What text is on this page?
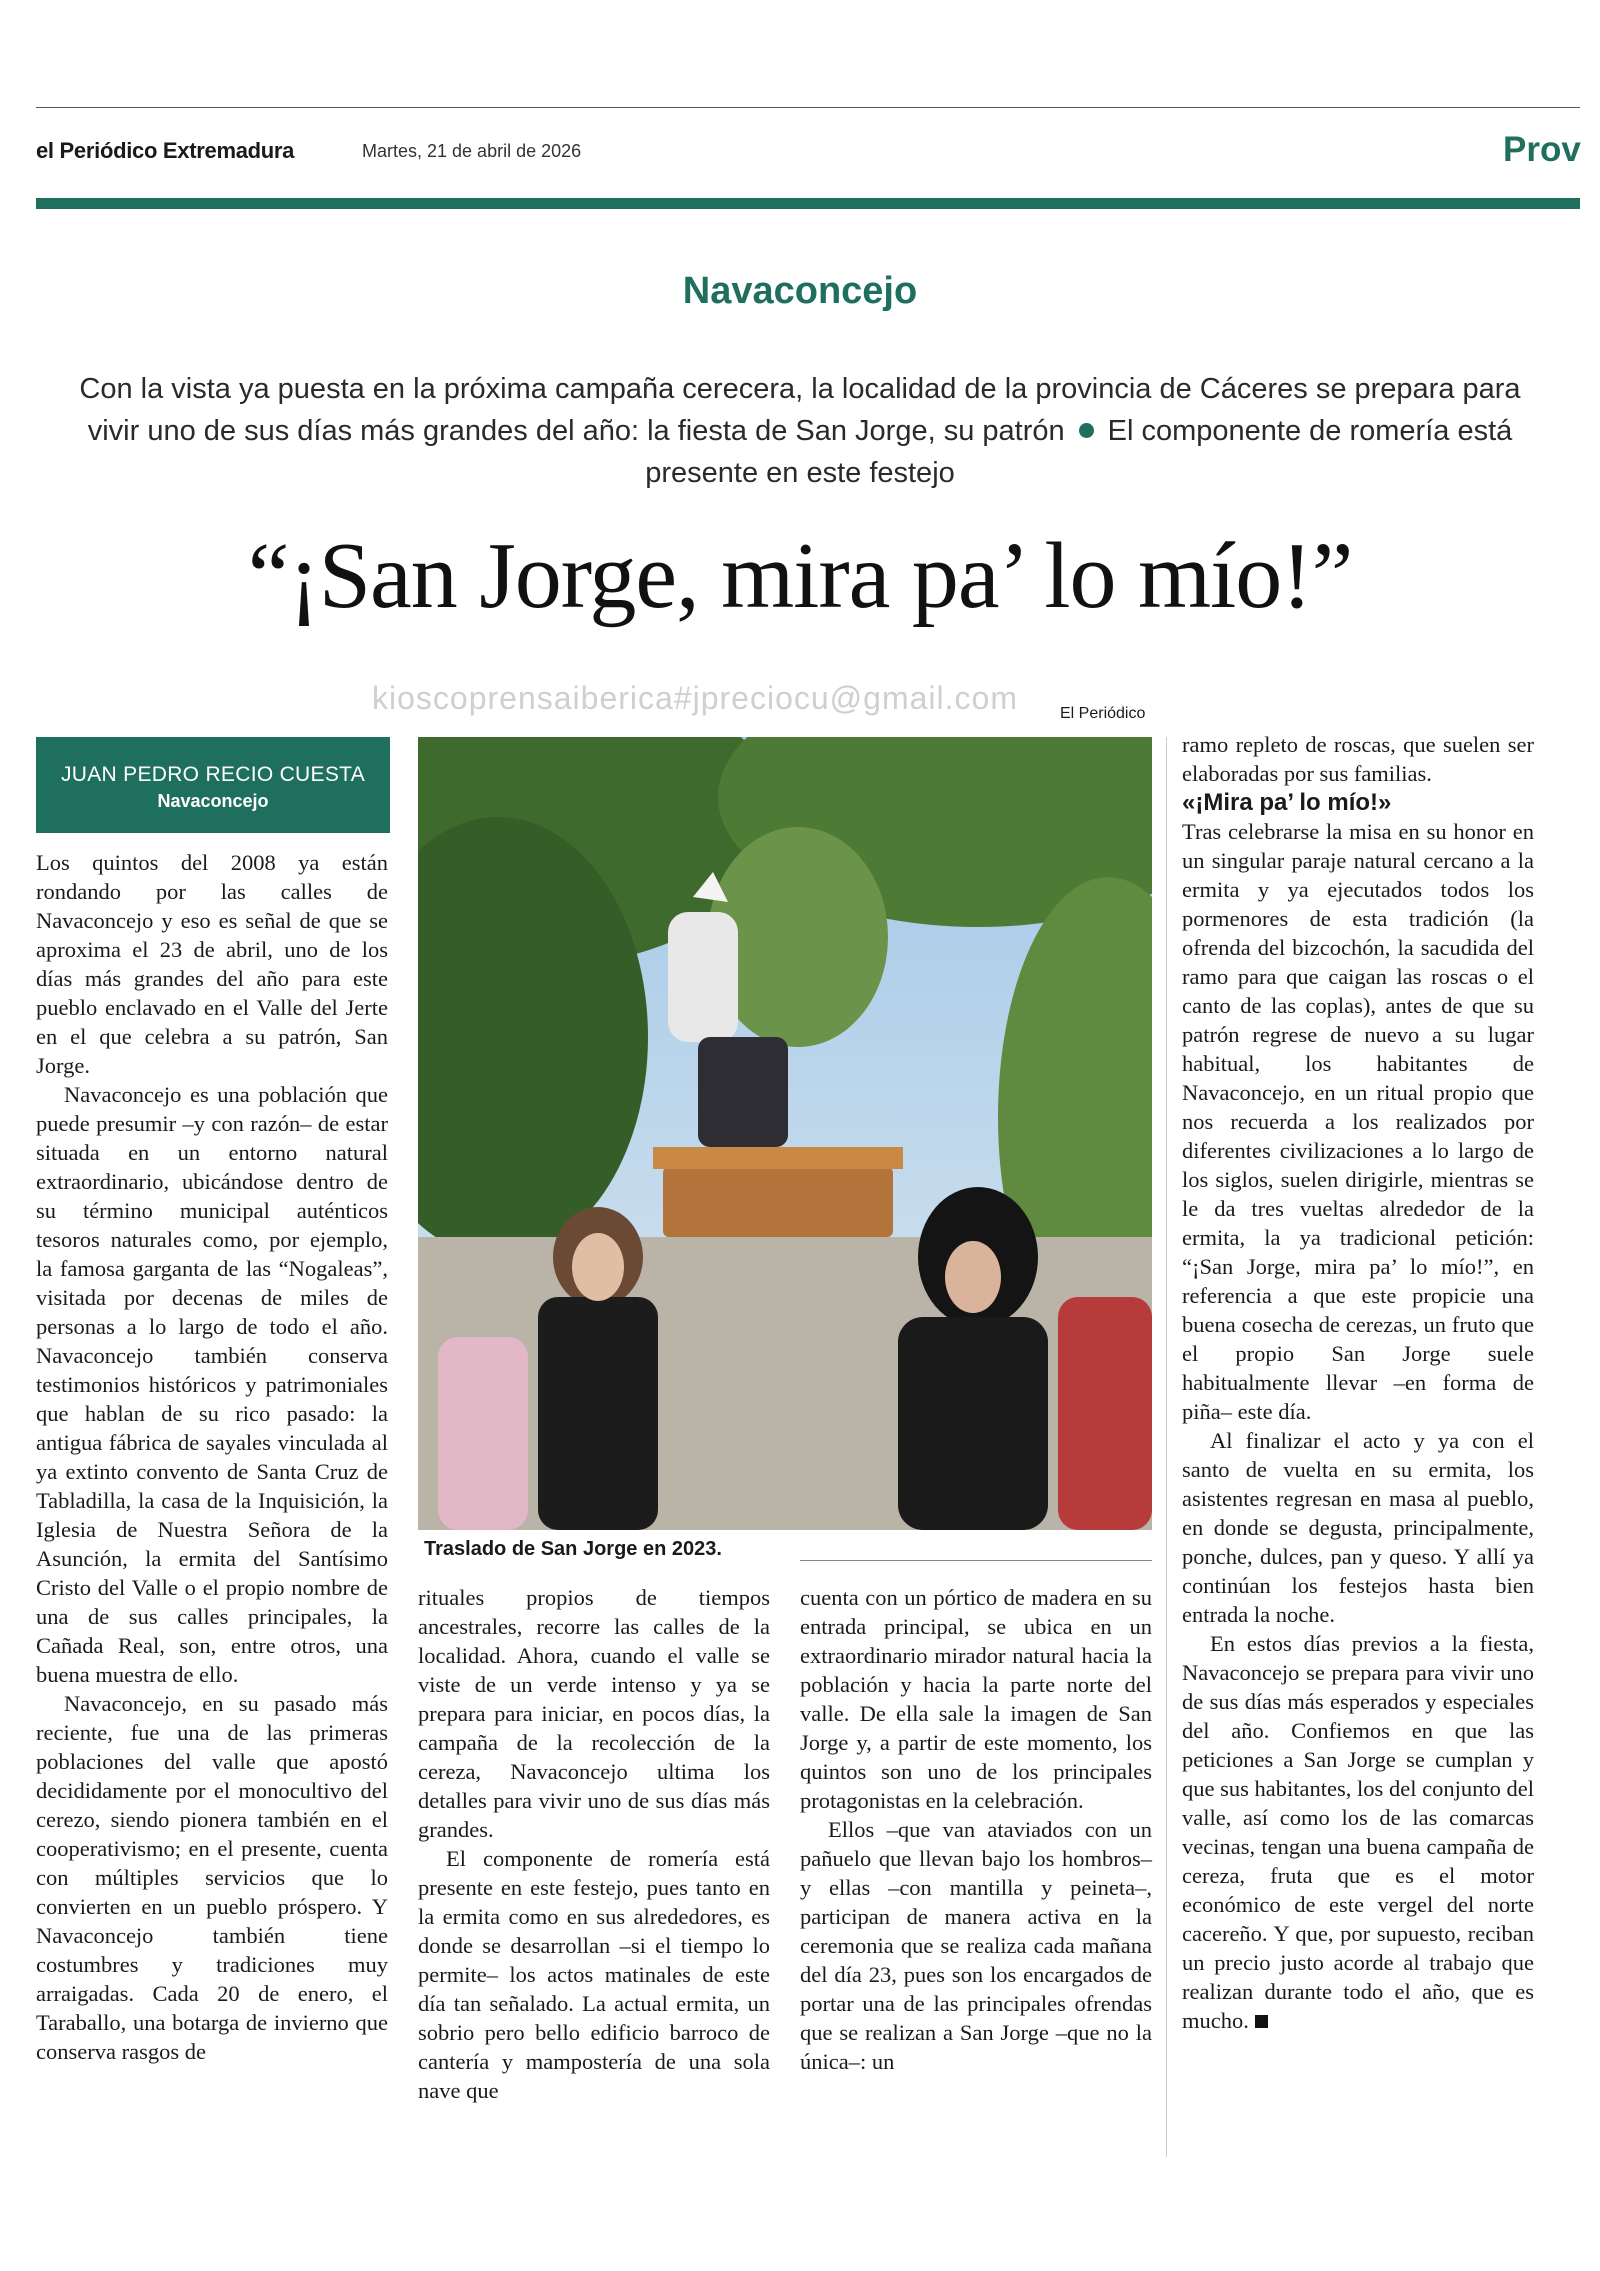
el Periódico Extremadura	Martes, 21 de abril de 2026	Prov
Navaconcejo
Con la vista ya puesta en la próxima campaña cerecera, la localidad de la provincia de Cáceres se prepara para vivir uno de sus días más grandes del año: la fiesta de San Jorge, su patrón El componente de romería está presente en este festejo
“¡San Jorge, mira pa’ lo mío!”
kioscoprensaiberica#jpreciocu@gmail.com	El Periódico
JUAN PEDRO RECIO CUESTA
Navaconcejo
Traslado de San Jorge en 2023.

Los quintos del 2008 ya están rondando por las calles de Navaconcejo y eso es señal de que se aproxima el 23 de abril, uno de los días más grandes del año para este pueblo enclavado en el Valle del Jerte en el que celebra a su patrón, San Jorge.

Navaconcejo es una población que puede presumir –y con razón– de estar situada en un entorno natural extraordinario, ubicándose dentro de su término municipal auténticos tesoros naturales como, por ejemplo, la famosa garganta de las “Nogaleas”, visitada por decenas de miles de personas a lo largo de todo el año. Navaconcejo también conserva testimonios históricos y patrimoniales que hablan de su rico pasado: la antigua fábrica de sayales vinculada al ya extinto convento de Santa Cruz de Tabladilla, la casa de la Inquisición, la Iglesia de Nuestra Señora de la Asunción, la ermita del Santísimo Cristo del Valle o el propio nombre de una de sus calles principales, la Cañada Real, son, entre otros, una buena muestra de ello.

Navaconcejo, en su pasado más reciente, fue una de las primeras poblaciones del valle que apostó decididamente por el monocultivo del cerezo, siendo pionera también en el cooperativismo; en el presente, cuenta con múltiples servicios que lo convierten en un pueblo próspero. Y Navaconcejo también tiene costumbres y tradiciones muy arraigadas. Cada 20 de enero, el Taraballo, una botarga de invierno que conserva rasgos de

rituales propios de tiempos ancestrales, recorre las calles de la localidad. Ahora, cuando el valle se viste de un verde intenso y ya se prepara para iniciar, en pocos días, la campaña de la recolección de la cereza, Navaconcejo ultima los detalles para vivir uno de sus días más grandes.

El componente de romería está presente en este festejo, pues tanto en la ermita como en sus alrededores, es donde se desarrollan –si el tiempo lo permite– los actos matinales de este día tan señalado. La actual ermita, un sobrio pero bello edificio barroco de cantería y mampostería de una sola nave que

cuenta con un pórtico de madera en su entrada principal, se ubica en un extraordinario mirador natural hacia la población y hacia la parte norte del valle. De ella sale la imagen de San Jorge y, a partir de este momento, los quintos son uno de los principales protagonistas en la celebración.

Ellos –que van ataviados con un pañuelo que llevan bajo los hombros– y ellas –con mantilla y peineta–, participan de manera activa en la ceremonia que se realiza cada mañana del día 23, pues son los encargados de portar una de las principales ofrendas que se realizan a San Jorge –que no la única–: un

ramo repleto de roscas, que suelen ser elaboradas por sus familias.

«¡Mira pa’ lo mío!»

Tras celebrarse la misa en su honor en un singular paraje natural cercano a la ermita y ya ejecutados todos los pormenores de esta tradición (la ofrenda del bizcochón, la sacudida del ramo para que caigan las roscas o el canto de las coplas), antes de que su patrón regrese de nuevo a su lugar habitual, los habitantes de Navaconcejo, en un ritual propio que nos recuerda a los realizados por diferentes civilizaciones a lo largo de los siglos, suelen dirigirle, mientras se le da tres vueltas alrededor de la ermita, la ya tradicional petición: “¡San Jorge, mira pa’ lo mío!”, en referencia a que este propicie una buena cosecha de cerezas, un fruto que el propio San Jorge suele habitualmente llevar –en forma de piña– este día.

Al finalizar el acto y ya con el santo de vuelta en su ermita, los asistentes regresan en masa al pueblo, en donde se degusta, principalmente, ponche, dulces, pan y queso. Y allí ya continúan los festejos hasta bien entrada la noche.

En estos días previos a la fiesta, Navaconcejo se prepara para vivir uno de sus días más esperados y especiales del año. Confiemos en que las peticiones a San Jorge se cumplan y que sus habitantes, los del conjunto del valle, así como los de las comarcas vecinas, tengan una buena campaña de cereza, fruta que es el motor económico de este vergel del norte cacereño. Y que, por supuesto, reciban un precio justo acorde al trabajo que realizan durante todo el año, que es mucho.
